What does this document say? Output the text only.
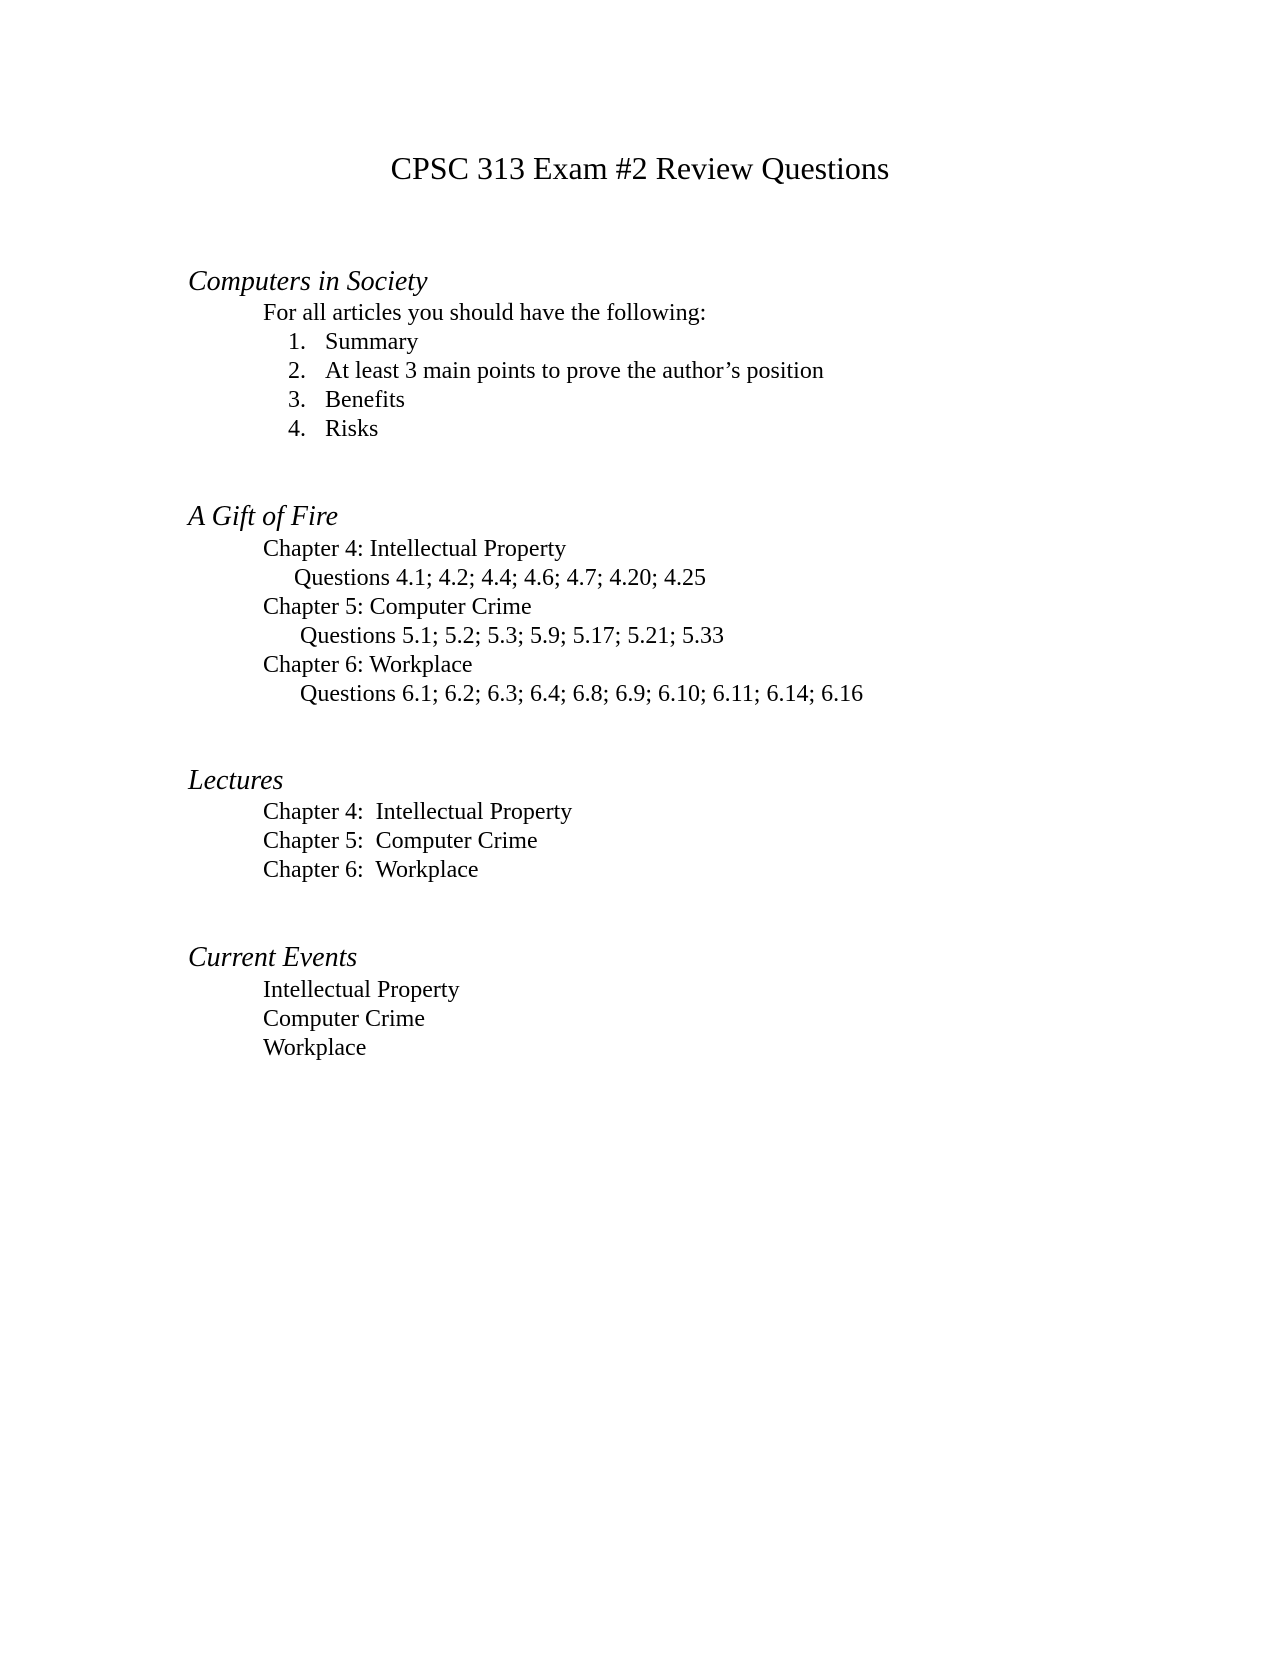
CPSC 313 Exam #2 Review Questions
Computers in Society
For all articles you should have the following:
1. Summary
2. At least 3 main points to prove the author’s position
3. Benefits
4. Risks
A Gift of Fire
Chapter 4: Intellectual Property
Questions 4.1; 4.2; 4.4; 4.6; 4.7; 4.20; 4.25
Chapter 5: Computer Crime
Questions 5.1; 5.2; 5.3; 5.9; 5.17; 5.21; 5.33
Chapter 6: Workplace
Questions 6.1; 6.2; 6.3; 6.4; 6.8; 6.9; 6.10; 6.11; 6.14; 6.16
Lectures
Chapter 4:  Intellectual Property
Chapter 5:  Computer Crime
Chapter 6:  Workplace
Current Events
Intellectual Property
Computer Crime
Workplace
